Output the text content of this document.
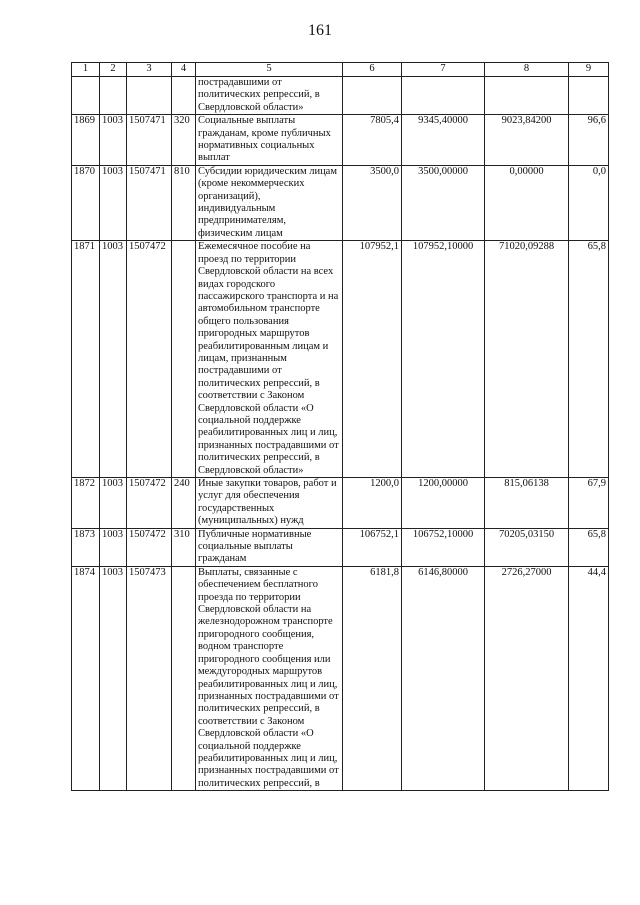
161
1	2	3	4	5	6	7	8	9
				пострадавшими от политических репрессий, в Свердловской области»				
1869	1003	1507471	320	Социальные выплаты гражданам, кроме публичных нормативных социальных выплат	7805,4	9345,40000	9023,84200	96,6
1870	1003	1507471	810	Субсидии юридическим лицам (кроме некоммерческих организаций), индивидуальным предпринимателям, физическим лицам	3500,0	3500,00000	0,00000	0,0
1871	1003	1507472		Ежемесячное пособие на проезд по территории Свердловской области на всех видах городского пассажирского транспорта и на автомобильном транспорте общего пользования пригородных маршрутов реабилитированным лицам и лицам, признанным пострадавшими от политических репрессий, в соответствии с Законом Свердловской области «О социальной поддержке реабилитированных лиц и лиц, признанных пострадавшими от политических репрессий, в Свердловской области»	107952,1	107952,10000	71020,09288	65,8
1872	1003	1507472	240	Иные закупки товаров, работ и услуг для обеспечения государственных (муниципальных) нужд	1200,0	1200,00000	815,06138	67,9
1873	1003	1507472	310	Публичные нормативные социальные выплаты гражданам	106752,1	106752,10000	70205,03150	65,8
1874	1003	1507473		Выплаты, связанные с обеспечением бесплатного проезда по территории Свердловской области на железнодорожном транспорте пригородного сообщения, водном транспорте пригородного сообщения или междугородных маршрутов реабилитированных лиц и лиц, признанных пострадавшими от политических репрессий, в соответствии с Законом Свердловской области «О социальной поддержке реабилитированных лиц и лиц, признанных пострадавшими от политических репрессий, в	6181,8	6146,80000	2726,27000	44,4
